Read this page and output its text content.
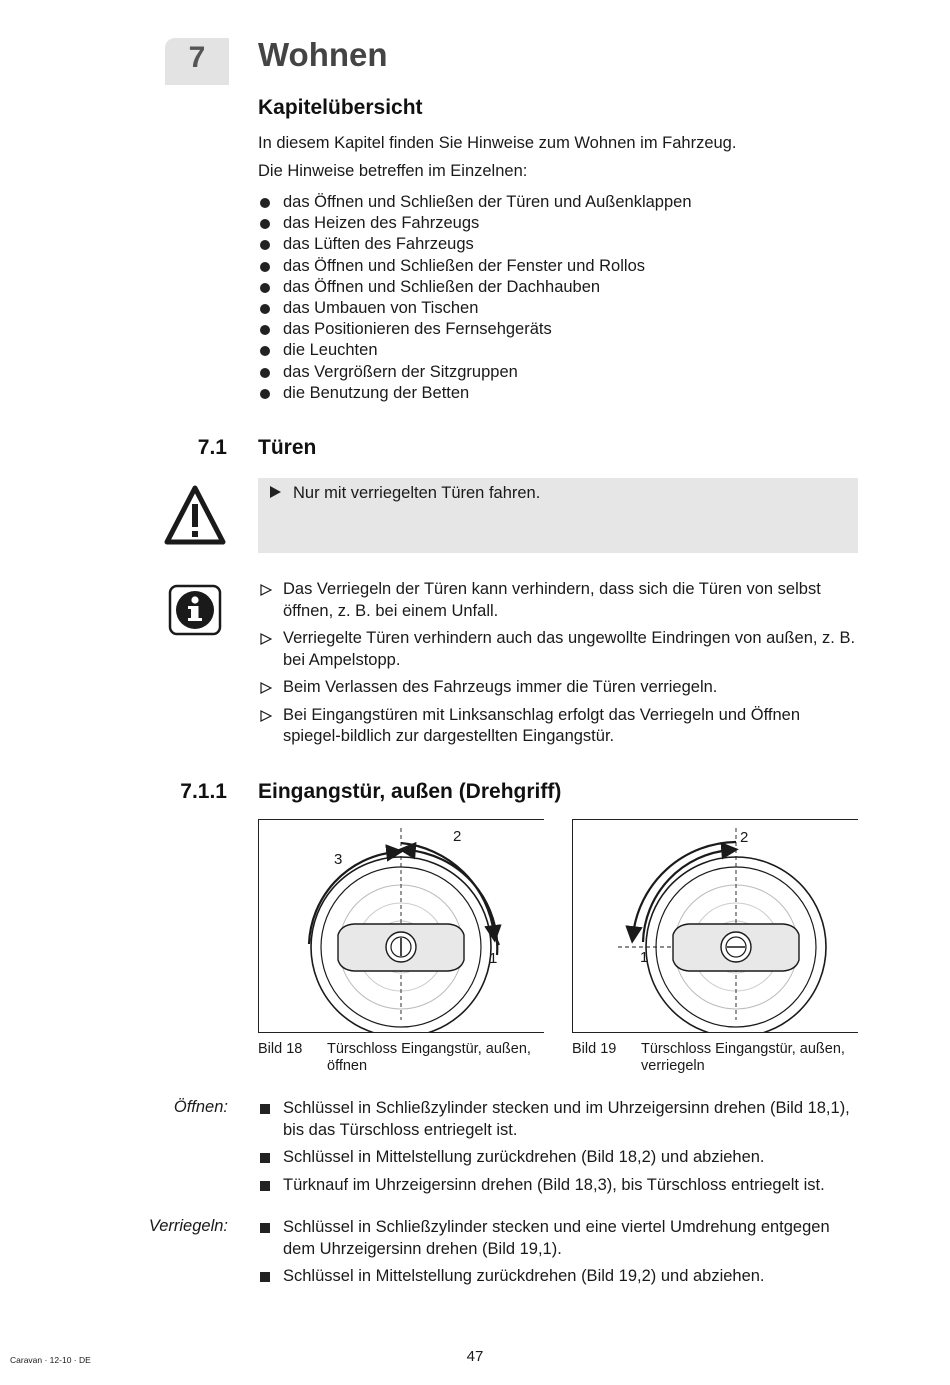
7	Wohnen
Kapitelübersicht
In diesem Kapitel finden Sie Hinweise zum Wohnen im Fahrzeug.
Die Hinweise betreffen im Einzelnen:
das Öffnen und Schließen der Türen und Außenklappen
das Heizen des Fahrzeugs
das Lüften des Fahrzeugs
das Öffnen und Schließen der Fenster und Rollos
das Öffnen und Schließen der Dachhauben
das Umbauen von Tischen
das Positionieren des Fernsehgeräts
die Leuchten
das Vergrößern der Sitzgruppen
die Benutzung der Betten
7.1 Türen
Nur mit verriegelten Türen fahren.
Das Verriegeln der Türen kann verhindern, dass sich die Türen von selbst öffnen, z. B. bei einem Unfall.
Verriegelte Türen verhindern auch das ungewollte Eindringen von außen, z. B. bei Ampelstopp.
Beim Verlassen des Fahrzeugs immer die Türen verriegeln.
Bei Eingangstüren mit Linksanschlag erfolgt das Verriegeln und Öffnen spiegel-bildlich zur dargestellten Eingangstür.
7.1.1 Eingangstür, außen (Drehgriff)
2
3
1
2
1
Bild 18 Türschloss Eingangstür, außen, öffnen
Bild 19 Türschloss Eingangstür, außen, verriegeln
Öffnen:	Schlüssel in Schließzylinder stecken und im Uhrzeigersinn drehen (Bild 18,1), bis das Türschloss entriegelt ist.
Schlüssel in Mittelstellung zurückdrehen (Bild 18,2) und abziehen.
Türknauf im Uhrzeigersinn drehen (Bild 18,3), bis Türschloss entriegelt ist.
Verriegeln:	Schlüssel in Schließzylinder stecken und eine viertel Umdrehung entgegen dem Uhrzeigersinn drehen (Bild 19,1).
Schlüssel in Mittelstellung zurückdrehen (Bild 19,2) und abziehen.
Caravan · 12-10 · DE	47
